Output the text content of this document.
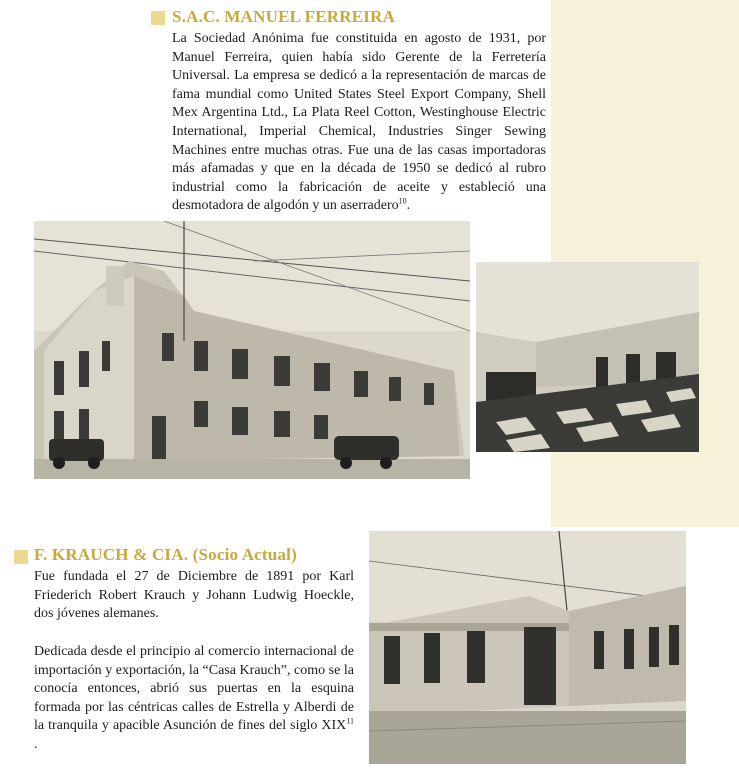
S.A.C. MANUEL FERREIRA

La Sociedad Anónima fue constituida en agosto de 1931, por Manuel Ferreira, quien había sido Gerente de la Ferretería Universal. La empresa se dedicó a la representación de marcas de fama mundial como United States Steel Export Company, Shell Mex Argentina Ltd., La Plata Reel Cotton, Westinghouse Electric International, Imperial Chemical, Industries Singer Sewing Machines entre muchas otras. Fue una de las casas importadoras más afamadas y que en la década de 1950 se dedicó al rubro industrial como la fabricación de aceite y estableció una desmotadora de algodón y un aserradero$^{10}$.

F. KRAUCH & CIA. (Socio Actual)

Fue fundada el 27 de Diciembre de 1891 por Karl Friederich Robert Krauch y Johann Ludwig Hoeckle, dos jóvenes alemanes.

Dedicada desde el principio al comercio internacional de importación y exportación, la “Casa Krauch”, como se la conocía entonces, abrió sus puertas en la esquina formada por las céntricas calles de Estrella y Alberdi de la tranquila y apacible Asunción de fines del siglo XIX$^{11}$ .
